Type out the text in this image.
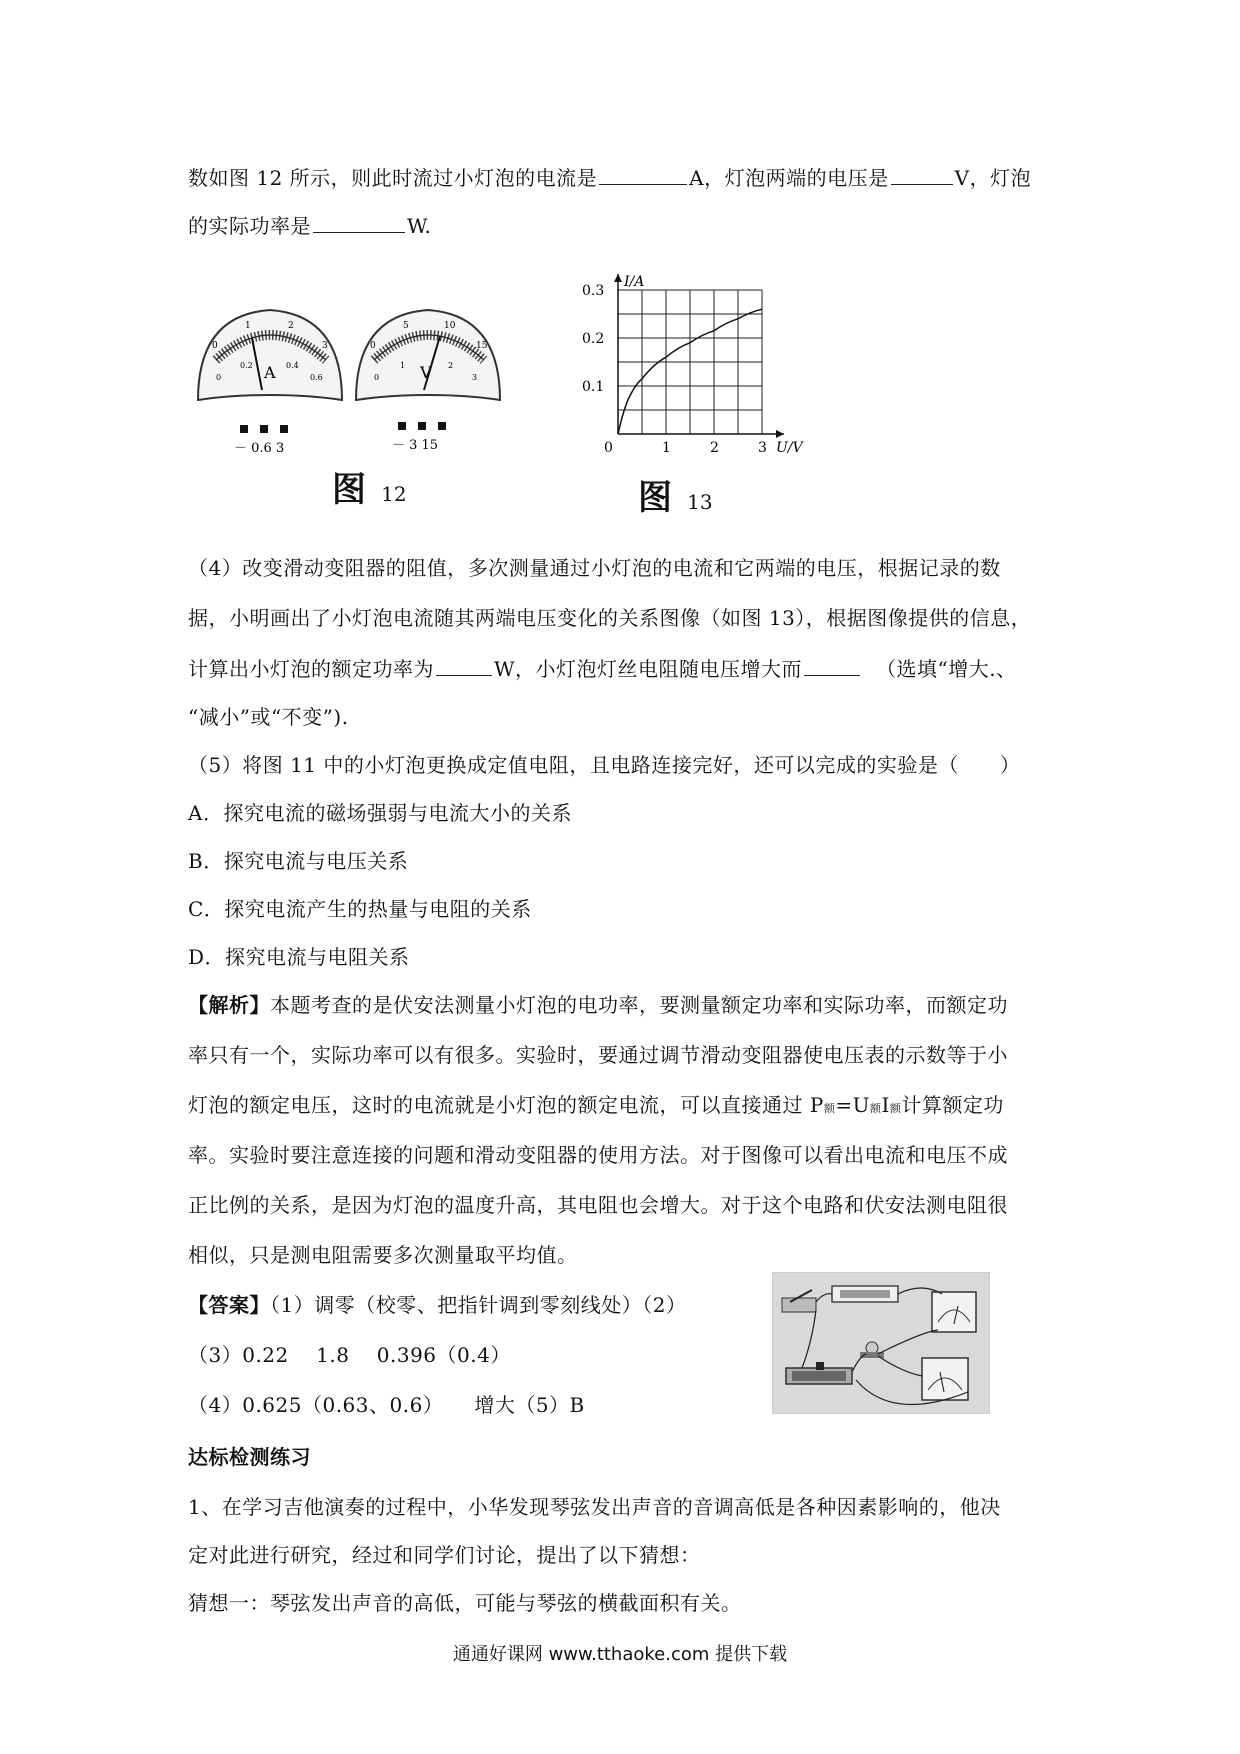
数如图 12 所示，则此时流过小灯泡的电流是	A，灯泡两端的电压是	V，灯泡
的实际功率是	W.
0
1	2
3
0
0.2	0.4
0.6
A
－ 0.6 3
0
5	10
15
0
1	2
3
V
－ 3 15
图 12
0	1	2	3
0.1
0.2
0.3
I/A
U/V
图 13
（4）改变滑动变阻器的阻值，多次测量通过小灯泡的电流和它两端的电压，根据记录的数
据，小明画出了小灯泡电流随其两端电压变化的关系图像（如图 13），根据图像提供的信息，
计算出小灯泡的额定功率为	W，小灯泡灯丝电阻随电压增大而	（选填“增大.、
“减小”或“不变”).
（5）将图 11 中的小灯泡更换成定值电阻，且电路连接完好，还可以完成的实验是（　　）
A．探究电流的磁场强弱与电流大小的关系
B．探究电流与电压关系
C．探究电流产生的热量与电阻的关系
D．探究电流与电阻关系
【解析】本题考查的是伏安法测量小灯泡的电功率，要测量额定功率和实际功率，而额定功
率只有一个，实际功率可以有很多。实验时，要通过调节滑动变阻器使电压表的示数等于小
灯泡的额定电压，这时的电流就是小灯泡的额定电流，可以直接通过 P额=U额I额计算额定功
率。实验时要注意连接的问题和滑动变阻器的使用方法。对于图像可以看出电流和电压不成
正比例的关系，是因为灯泡的温度升高，其电阻也会增大。对于这个电路和伏安法测电阻很
相似，只是测电阻需要多次测量取平均值。
【答案】（1）调零（校零、把指针调到零刻线处）（2）
（3）0.22　 1.8　 0.396（0.4）
（4）0.625（0.63、0.6）　　增大（5）B
达标检测练习
1、在学习吉他演奏的过程中，小华发现琴弦发出声音的音调高低是各种因素影响的，他决
定对此进行研究，经过和同学们讨论，提出了以下猜想：
猜想一：琴弦发出声音的高低，可能与琴弦的横截面积有关。
通通好课网 www.tthaoke.com 提供下载
